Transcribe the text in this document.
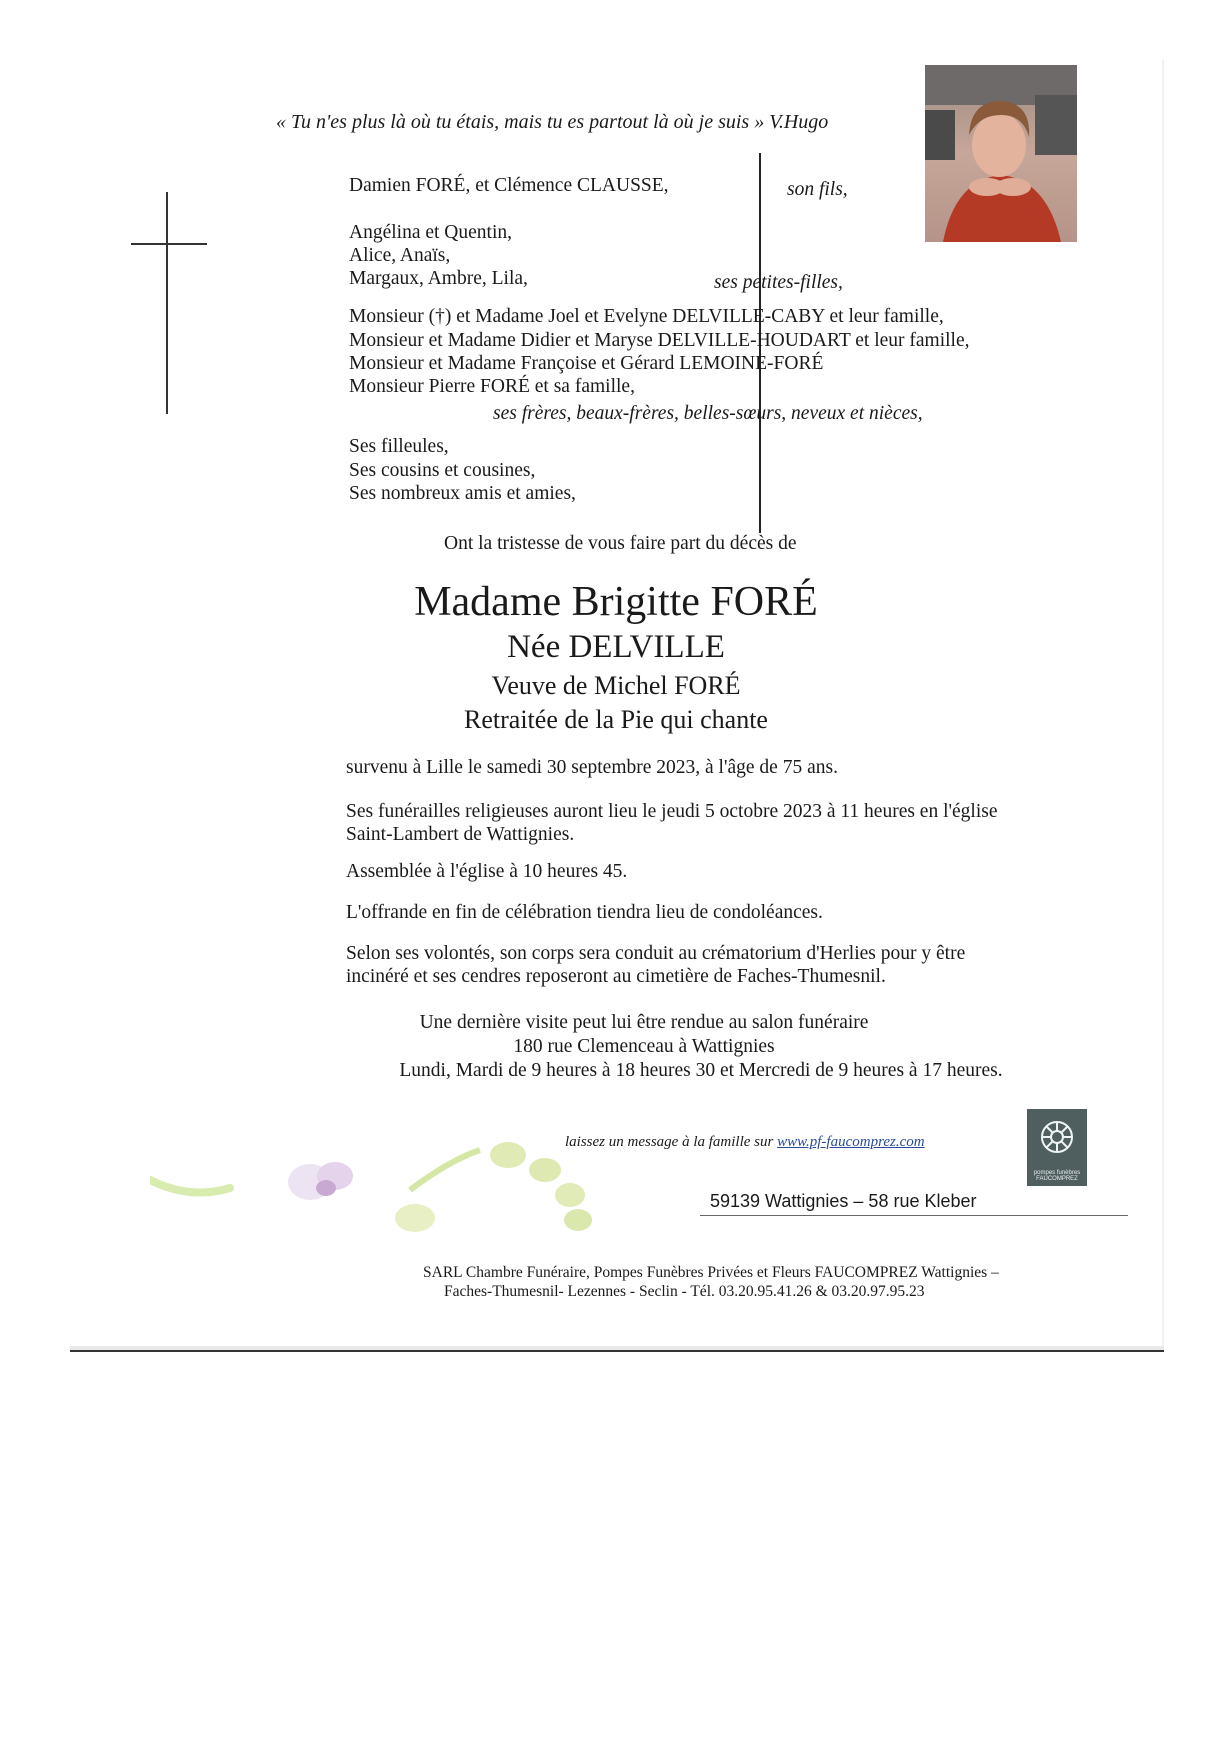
« Tu n'es plus là où tu étais, mais tu es partout là où je suis » V.Hugo
Damien FORÉ, et Clémence CLAUSSE,	son fils,
Angélina et Quentin,
Alice, Anaïs,
Margaux, Ambre, Lila,	ses petites-filles,
Monsieur (†) et Madame Joel et Evelyne DELVILLE-CABY et leur famille,
Monsieur et Madame Didier et Maryse DELVILLE-HOUDART et leur famille,
Monsieur et Madame Françoise et Gérard LEMOINE-FORÉ
Monsieur Pierre FORÉ et sa famille,
ses frères, beaux-frères, belles-sœurs, neveux et nièces,
Ses filleules,
Ses cousins et cousines,
Ses nombreux amis et amies,
Ont la tristesse de vous faire part du décès de
Madame Brigitte FORÉ
Née DELVILLE
Veuve de Michel FORÉ
Retraitée de la Pie qui chante
survenu à Lille le samedi 30 septembre 2023, à l'âge de 75 ans.
Ses funérailles religieuses auront lieu le jeudi 5 octobre 2023 à 11 heures en l'église
Saint-Lambert de Wattignies.
Assemblée à l'église à 10 heures 45.
L'offrande en fin de célébration tiendra lieu de condoléances.
Selon ses volontés, son corps sera conduit au crématorium d'Herlies pour y être
incinéré et ses cendres reposeront au cimetière de Faches-Thumesnil.
Une dernière visite peut lui être rendue au salon funéraire
180 rue Clemenceau à Wattignies
Lundi, Mardi de 9 heures à 18 heures 30 et Mercredi de 9 heures à 17 heures.
laissez un message à la famille sur www.pf-faucomprez.com
pompes funèbres FAUCOMPREZ
59139 Wattignies – 58 rue Kleber
SARL Chambre Funéraire, Pompes Funèbres Privées et Fleurs FAUCOMPREZ Wattignies –
Faches-Thumesnil- Lezennes - Seclin - Tél. 03.20.95.41.26 & 03.20.97.95.23
